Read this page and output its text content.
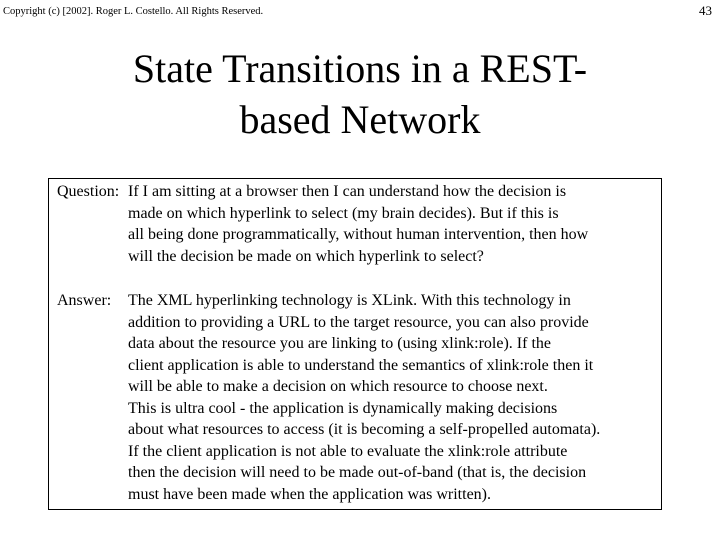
Copyright (c) [2002]. Roger L. Costello. All Rights Reserved.	43
State Transitions in a REST-
based Network
Question: If I am sitting at a browser then I can understand how the decision is
made on which hyperlink to select (my brain decides). But if this is
all being done programmatically, without human intervention, then how
will the decision be made on which hyperlink to select?
Answer: The XML hyperlinking technology is XLink. With this technology in
addition to providing a URL to the target resource, you can also provide
data about the resource you are linking to (using xlink:role). If the
client application is able to understand the semantics of xlink:role then it
will be able to make a decision on which resource to choose next.
This is ultra cool - the application is dynamically making decisions
about what resources to access (it is becoming a self-propelled automata).
If the client application is not able to evaluate the xlink:role attribute
then the decision will need to be made out-of-band (that is, the decision
must have been made when the application was written).
